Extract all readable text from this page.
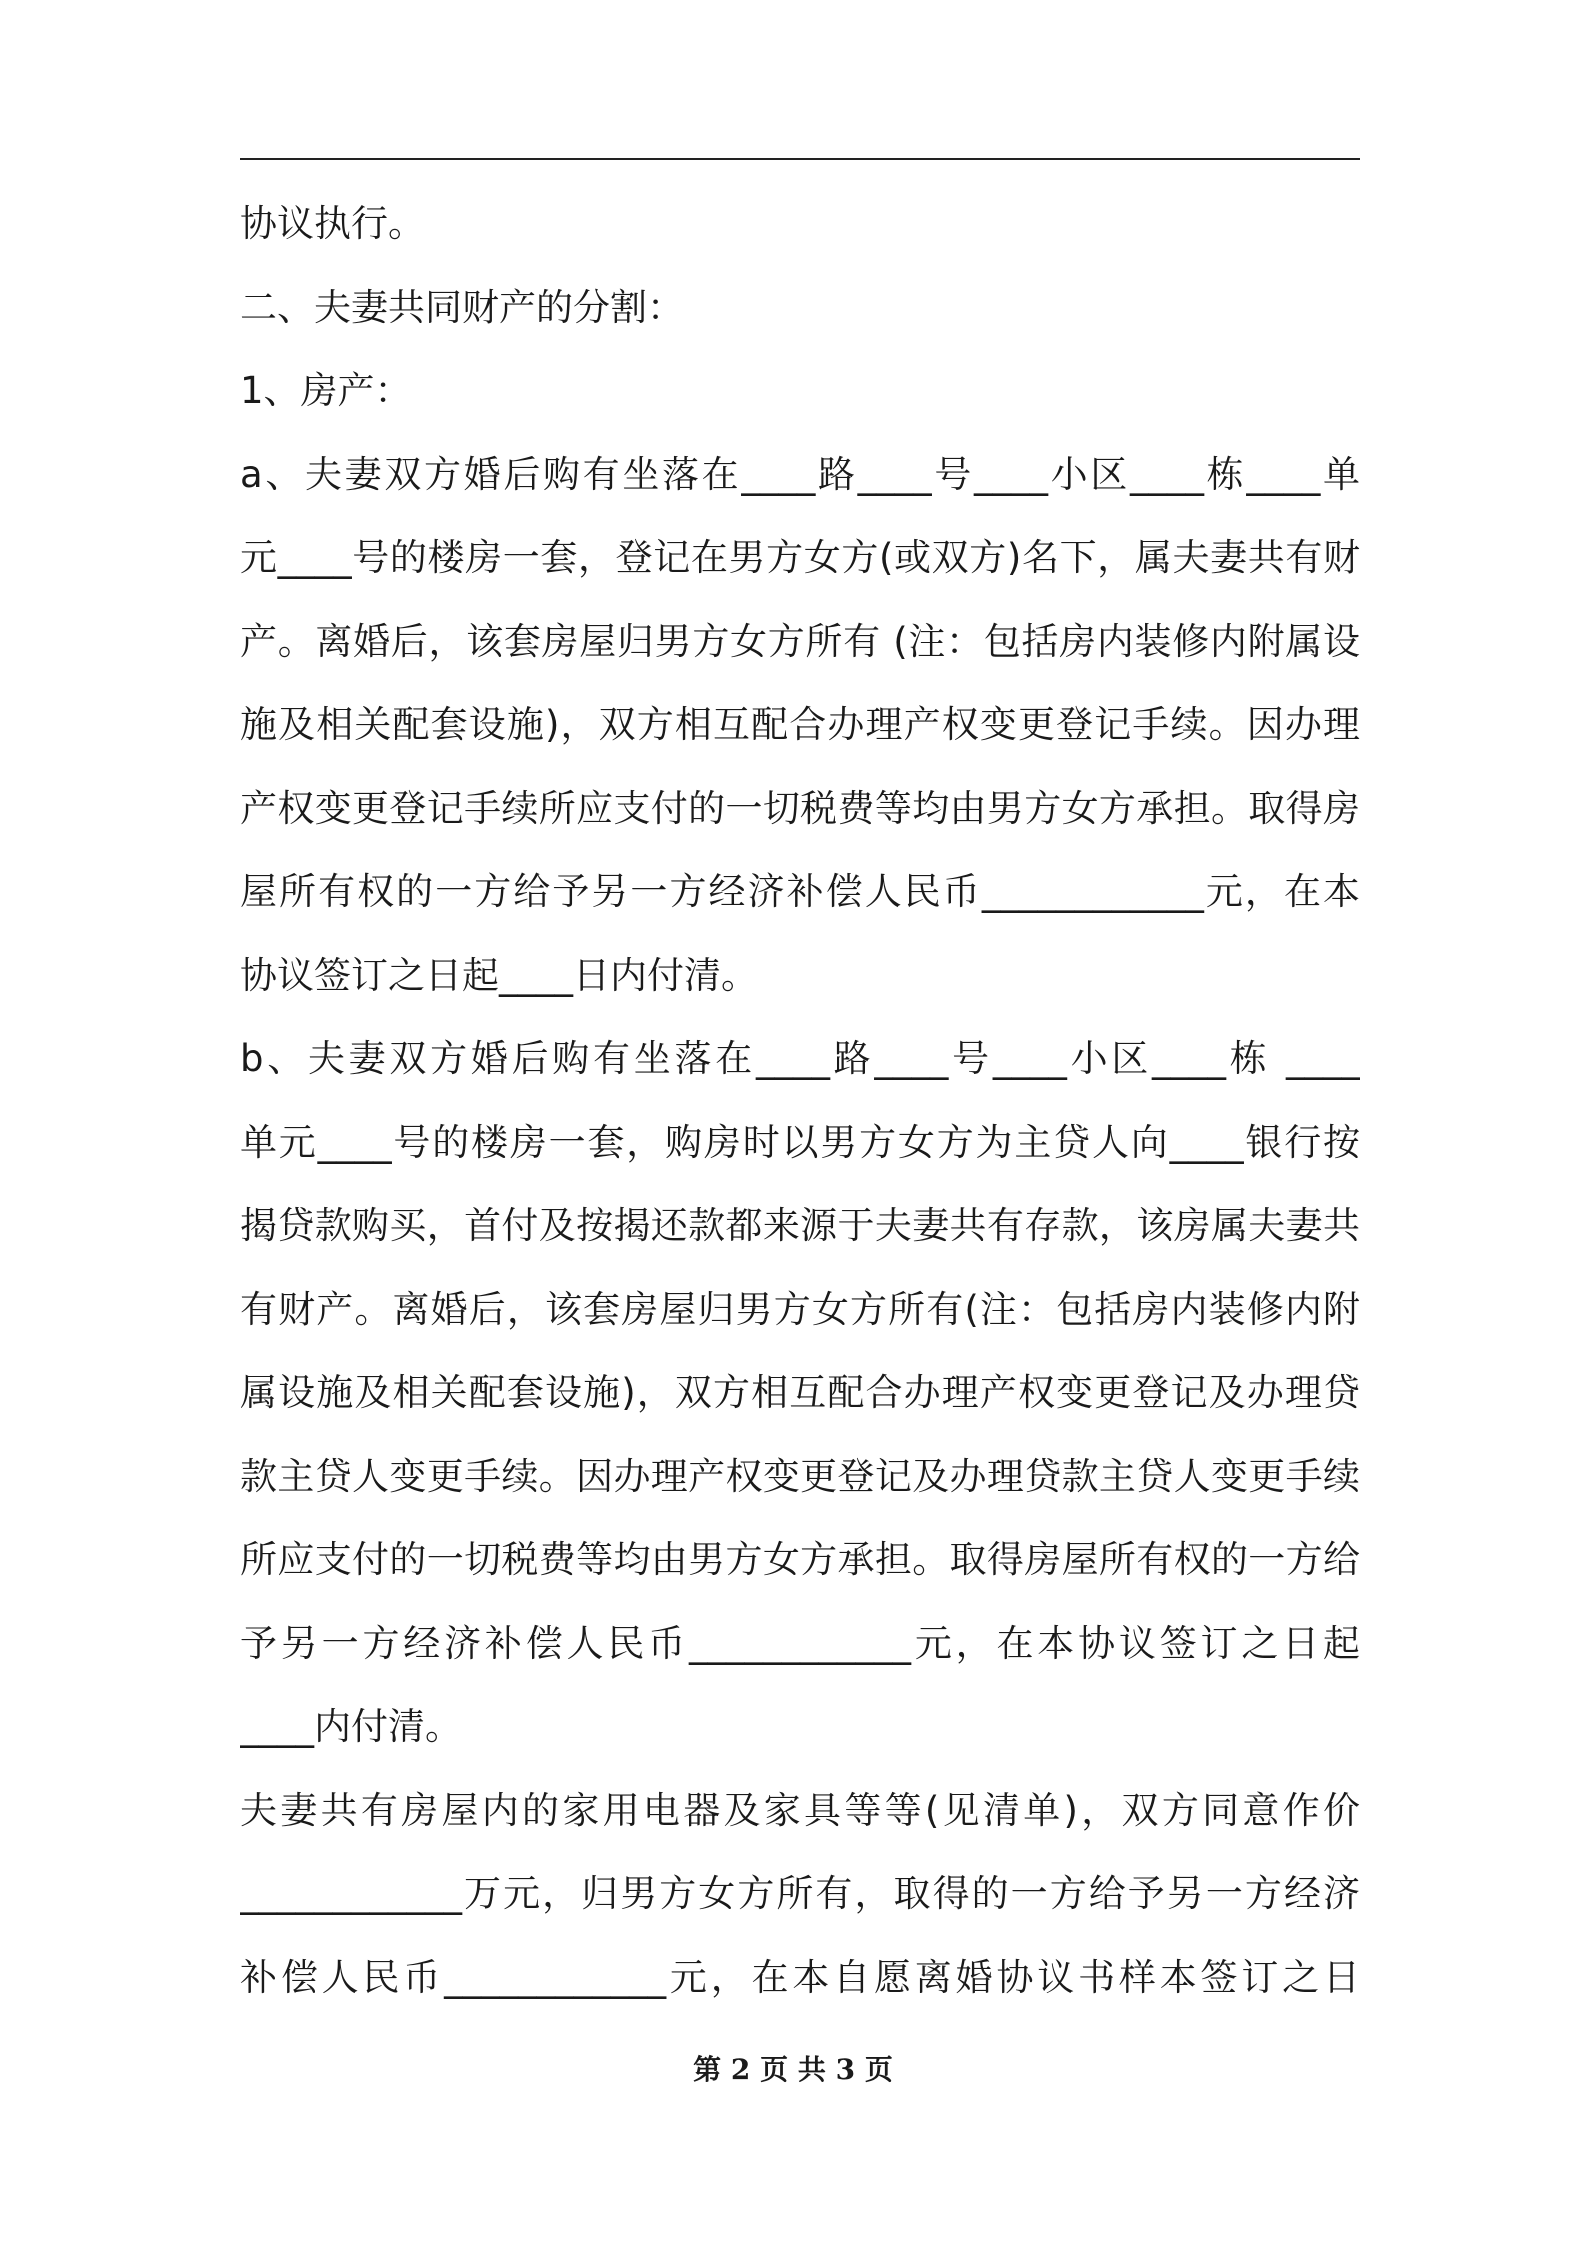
协议执行。
二、夫妻共同财产的分割：
1、房产：
a、夫妻双方婚后购有坐落在____路____号____小区____栋____单
元____号的楼房一套，登记在男方女方(或双方)名下，属夫妻共有财
产。离婚后，该套房屋归男方女方所有 (注：包括房内装修内附属设
施及相关配套设施)，双方相互配合办理产权变更登记手续。因办理
产权变更登记手续所应支付的一切税费等均由男方女方承担。取得房
屋所有权的一方给予另一方经济补偿人民币____________元，在本
协议签订之日起____日内付清。
b、夫妻双方婚后购有坐落在____路____号____小区____栋 ____
单元____号的楼房一套，购房时以男方女方为主贷人向____银行按
揭贷款购买，首付及按揭还款都来源于夫妻共有存款，该房属夫妻共
有财产。离婚后，该套房屋归男方女方所有(注：包括房内装修内附
属设施及相关配套设施)，双方相互配合办理产权变更登记及办理贷
款主贷人变更手续。因办理产权变更登记及办理贷款主贷人变更手续
所应支付的一切税费等均由男方女方承担。取得房屋所有权的一方给
予另一方经济补偿人民币____________元，在本协议签订之日起
____内付清。
夫妻共有房屋内的家用电器及家具等等(见清单)，双方同意作价
____________万元，归男方女方所有，取得的一方给予另一方经济
补偿人民币____________元，在本自愿离婚协议书样本签订之日
第 2 页 共 3 页
